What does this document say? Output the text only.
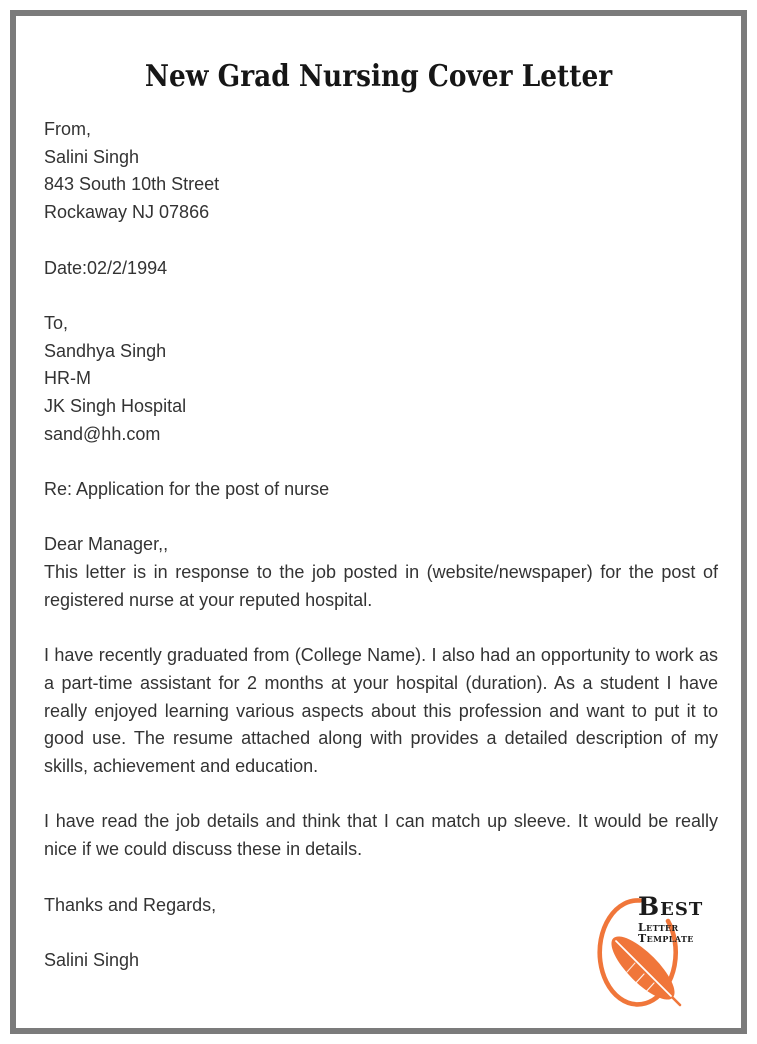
New Grad Nursing Cover Letter

From,

Salini Singh

843 South 10th Street

Rockaway NJ 07866

Date:02/2/1994

To,

Sandhya Singh

HR-M

JK Singh Hospital

sand@hh.com

Re: Application for the post of nurse

Dear Manager,,

This letter is in response to the job posted in (website/newspaper) for the post of registered nurse at your reputed hospital.

I have recently graduated from (College Name). I also had an opportunity to work as a part-time assistant for 2 months at your hospital (duration). As a student I have really enjoyed learning various aspects about this profession and want to put it to good use. The resume attached along with provides a detailed description of my skills, achievement and education.

I have read the job details and think that I can match up sleeve. It would be really nice if we could discuss these in details.

Thanks and Regards,

Salini Singh

Best
Letter Template
